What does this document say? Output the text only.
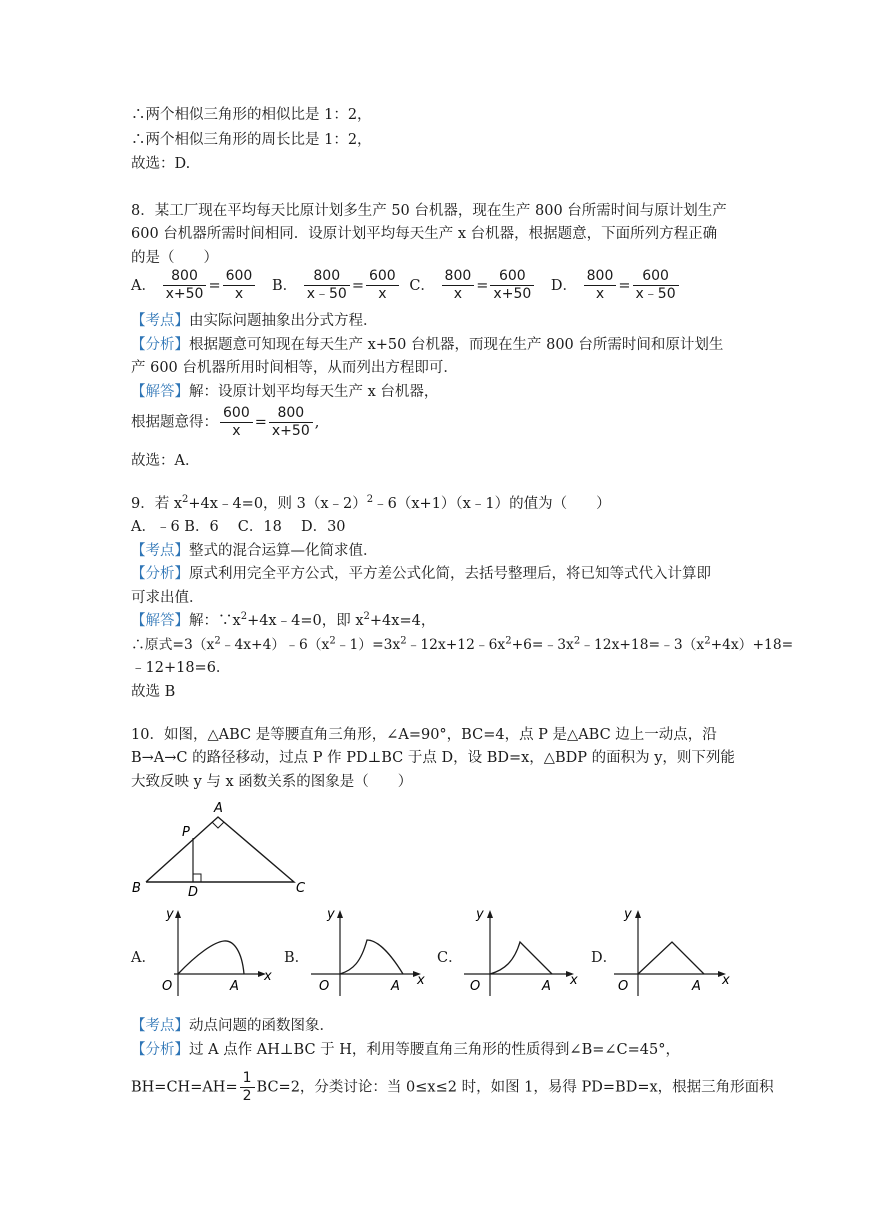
∴两个相似三角形的相似比是 1：2，
∴两个相似三角形的周长比是 1：2，
故选：D.
8．某工厂现在平均每天比原计划多生产 50 台机器，现在生产 800 台所需时间与原计划生产
600 台机器所需时间相同．设原计划平均每天生产 x 台机器，根据题意，下面所列方程正确
的是（　　）
A． $\frac{800}{x+50} = \frac{600}{x}$ B． $\frac{800}{x﹣50} = \frac{600}{x}$ C． $\frac{800}{x} = \frac{600}{x+50}$ D． $\frac{800}{x} = \frac{600}{x﹣50}$
【考点】由实际问题抽象出分式方程．
【分析】根据题意可知现在每天生产 x+50 台机器，而现在生产 800 台所需时间和原计划生
产 600 台机器所用时间相等，从而列出方程即可．
【解答】解：设原计划平均每天生产 x 台机器，
根据题意得： $\frac{600}{x} = \frac{800}{x+50}$ ,
故选：A．
9．若 $x^2+4x﹣4=0$，则 3（x﹣2）$^2$﹣6（x+1）（x﹣1）的值为（　　）
A．﹣6 B．6　 C．18　 D．30
【考点】整式的混合运算—化简求值．
【分析】原式利用完全平方公式，平方差公式化简，去括号整理后，将已知等式代入计算即
可求出值．
【解答】解：$\because x^2+4x﹣4=0$，即 $x^2+4x=4$，
∴原式$=3(x^2﹣4x+4)﹣6(x^2﹣1)=3x^2﹣12x+12﹣6x^2+6=﹣3x^2﹣12x+18=﹣3(x^2+4x)+18=$
﹣12+18=6．
故选 B
10．如图，△ABC 是等腰直角三角形，∠A=90°，BC=4，点 P 是△ABC 边上一动点，沿
B→A→C 的路径移动，过点 P 作 PD⊥BC 于点 D，设 BD=x，△BDP 的面积为 y，则下列能
大致反映 y 与 x 函数关系的图象是（　　）
A
P
B	D	C
A．
y
x
O	A
B．
y
x
O	A
C．
y
x
O	A
D．
y
x
O	A
【考点】动点问题的函数图象．
【分析】过 A 点作 AH⊥BC 于 H，利用等腰直角三角形的性质得到∠B=∠C=45°，
$BH=CH=AH= \frac{1}{2} BC=2$，分类讨论：当 0≤x≤2 时，如图 1，易得 PD=BD=x，根据三角形面积
